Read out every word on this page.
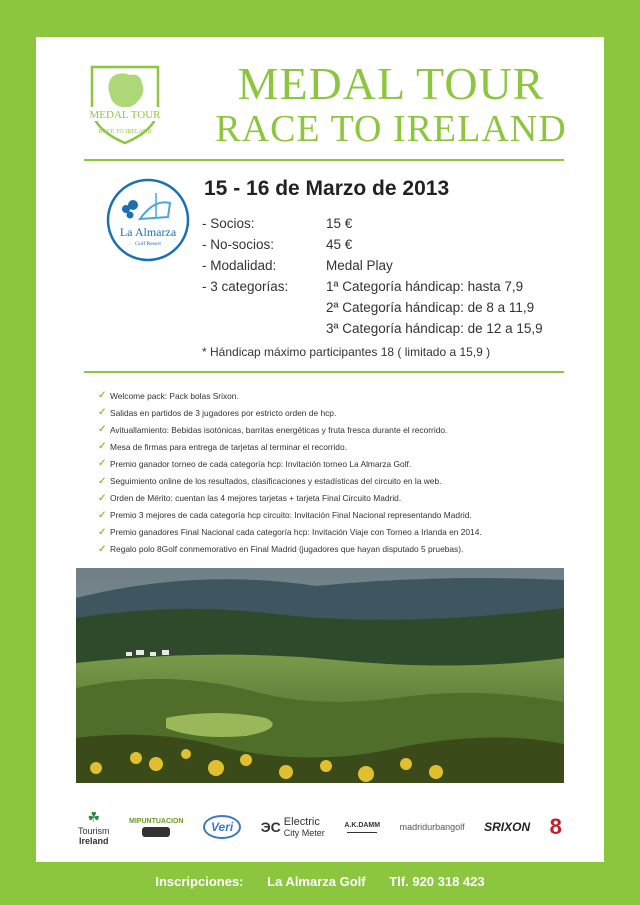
MEDAL TOUR
RACE TO IRELAND
MEDAL TOUR
RACE TO IRELAND
La Almarza
Golf Resort
15 - 16 de Marzo de 2013
- Socios:	15 €
- No-socios:	45 €
- Modalidad:	Medal Play
- 3 categorías:	1ª Categoría hándicap: hasta 7,9
2ª Categoría hándicap: de 8 a 11,9
3ª Categoría hándicap: de 12 a 15,9
* Hándicap máximo participantes 18 ( limitado a 15,9 )
✓ Welcome pack: Pack bolas Srixon.
✓ Salidas en partidos de 3 jugadores por estricto orden de hcp.
✓ Avituallamiento: Bebidas isotónicas, barritas energéticas y fruta fresca durante el recorrido.
✓ Mesa de firmas para entrega de tarjetas al terminar el recorrido.
✓ Premio ganador torneo de cada categoría hcp: Invitación torneo La Almarza Golf.
✓ Seguimiento online de los resultados, clasificaciones y estadísticas del circuito en la web.
✓ Orden de Mérito: cuentan las 4 mejores tarjetas + tarjeta Final Circuito Madrid.
✓ Premio 3 mejores de cada categoría hcp circuito: Invitación Final Nacional representando Madrid.
✓ Premio ganadores Final Nacional cada categoría hcp: Invitación Viaje con Torneo a Irlanda en 2014.
✓ Regalo polo 8Golf conmemorativo en Final Madrid (jugadores que hayan disputado 5 pruebas).
☘
Tourism
Ireland
MIPUNTUACION	Veri	ЭC Electric
City Meter
A.K.DAMM madridurbangolf SRIXON 8
Inscripciones: La Almarza Golf Tlf. 920 318 423
